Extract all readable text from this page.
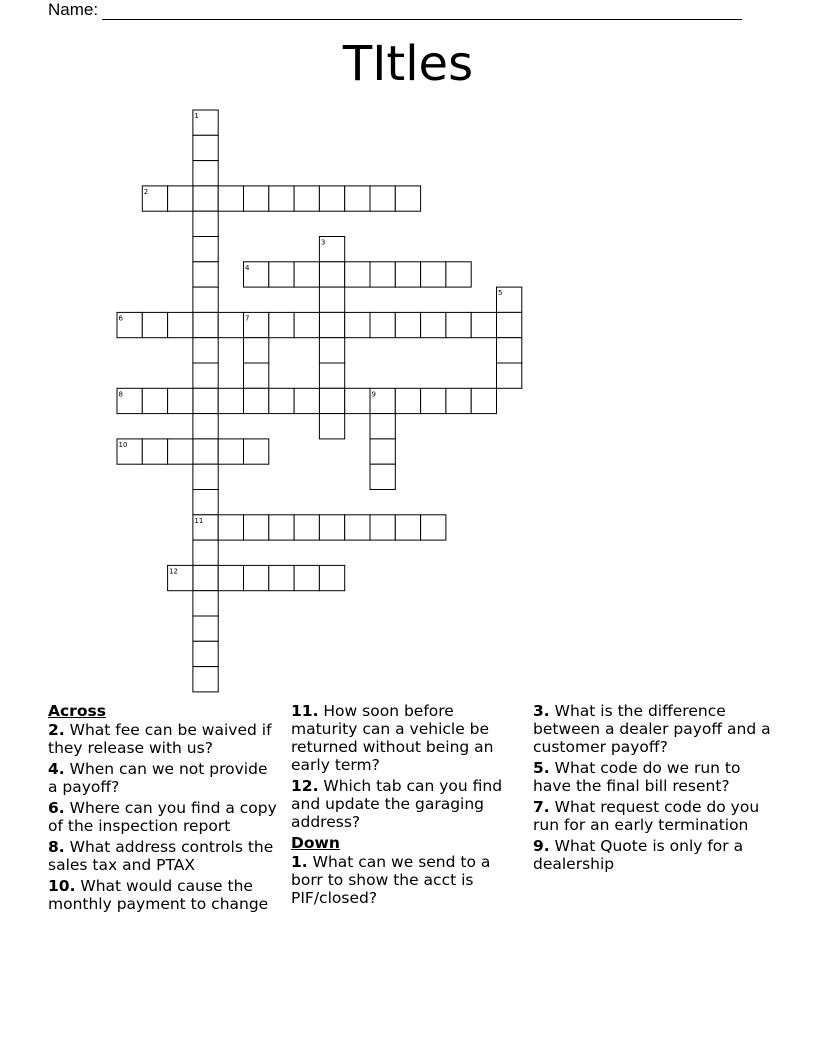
Name:
TItles
1
2
3
4
5
6	7
8	9
10
11
12
Across
2. What fee can be waived if they release with us?
4. When can we not provide a payoff?
6. Where can you find a copy of the inspection report
8. What address controls the sales tax and PTAX
10. What would cause the monthly payment to change
11. How soon before maturity can a vehicle be returned without being an early term?
12. Which tab can you find and update the garaging address?
Down
1. What can we send to a borr to show the acct is PIF/closed?
3. What is the difference between a dealer payoff and a customer payoff?
5. What code do we run to have the final bill resent?
7. What request code do you run for an early termination
9. What Quote is only for a dealership
